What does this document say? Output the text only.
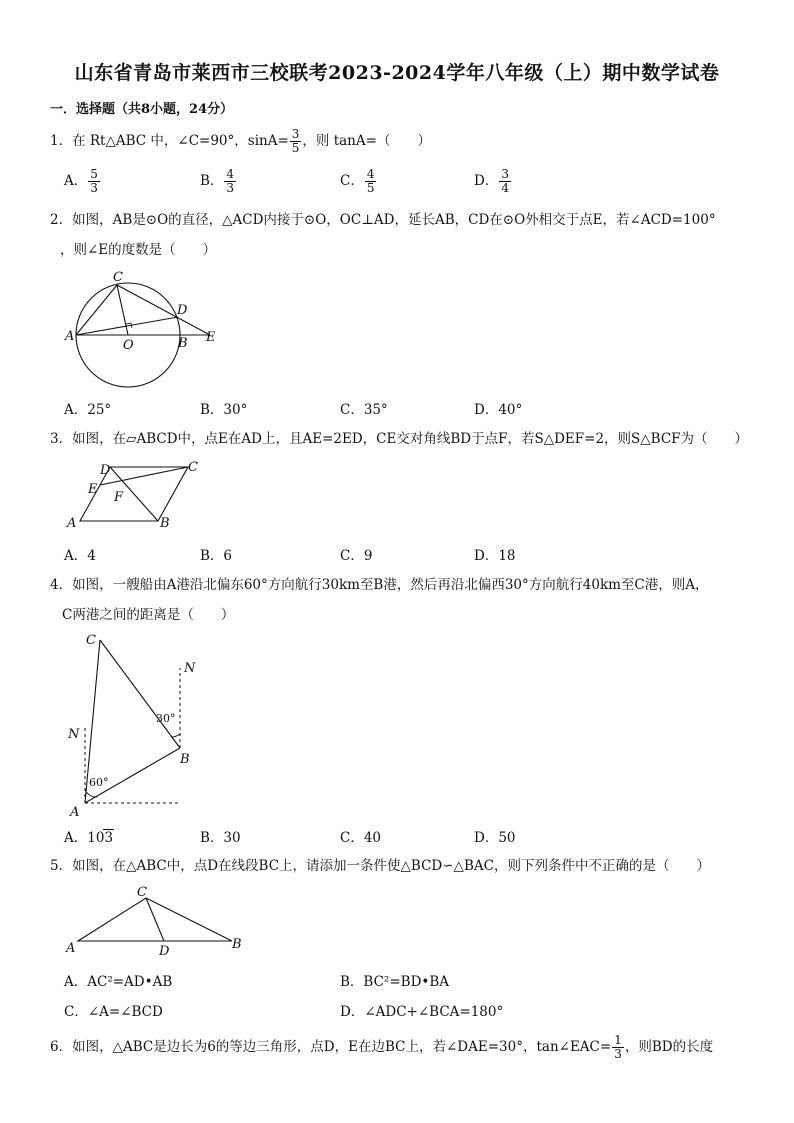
山东省青岛市莱西市三校联考2023-2024学年八年级（上）期中数学试卷
一．选择题（共8小题，24分）
1．在 Rt△ABC 中，∠C=90°，$\sin A= \frac{3}{5}$ ，则 tanA=（　　）
A． $\frac{5}{3}$	B． $\frac{4}{3}$	C． $\frac{4}{5}$	D． $\frac{3}{4}$
2．如图，AB是⊙O的直径，△ACD内接于⊙O，OC⊥AD，延长AB，CD在⊙O外相交于点E，若∠ACD=100°
，则∠E的度数是（　　）
C
D
A
O	B E
A．25°	B．30°	C．35°	D．40°
3．如图，在▱ABCD中，点E在AD上，且AE=2ED，CE交对角线BD于点F，若S△DEF=2，则S△BCF为（　　）
D	C
E
F
A	B
A．4	B．6	C．9	D．18
4．如图，一艘船由A港沿北偏东60°方向航行30km至B港，然后再沿北偏西30°方向航行40km至C港，则A，
C两港之间的距离是（　　）
C
N
30°
N
B
60°
A
A．103	B．30	C．40	D．50
5．如图，在△ABC中，点D在线段BC上，请添加一条件使△BCD∽△BAC，则下列条件中不正确的是（　　）
C
A	D	B
A．AC²=AD•AB	B．BC²=BD•BA
C．∠A=∠BCD	D．∠ADC+∠BCA=180°
6．如图，△ABC是边长为6的等边三角形，点D，E在边BC上，若∠DAE=30°，tan∠EAC= $\frac{1}{3}$ ，则BD的长度
